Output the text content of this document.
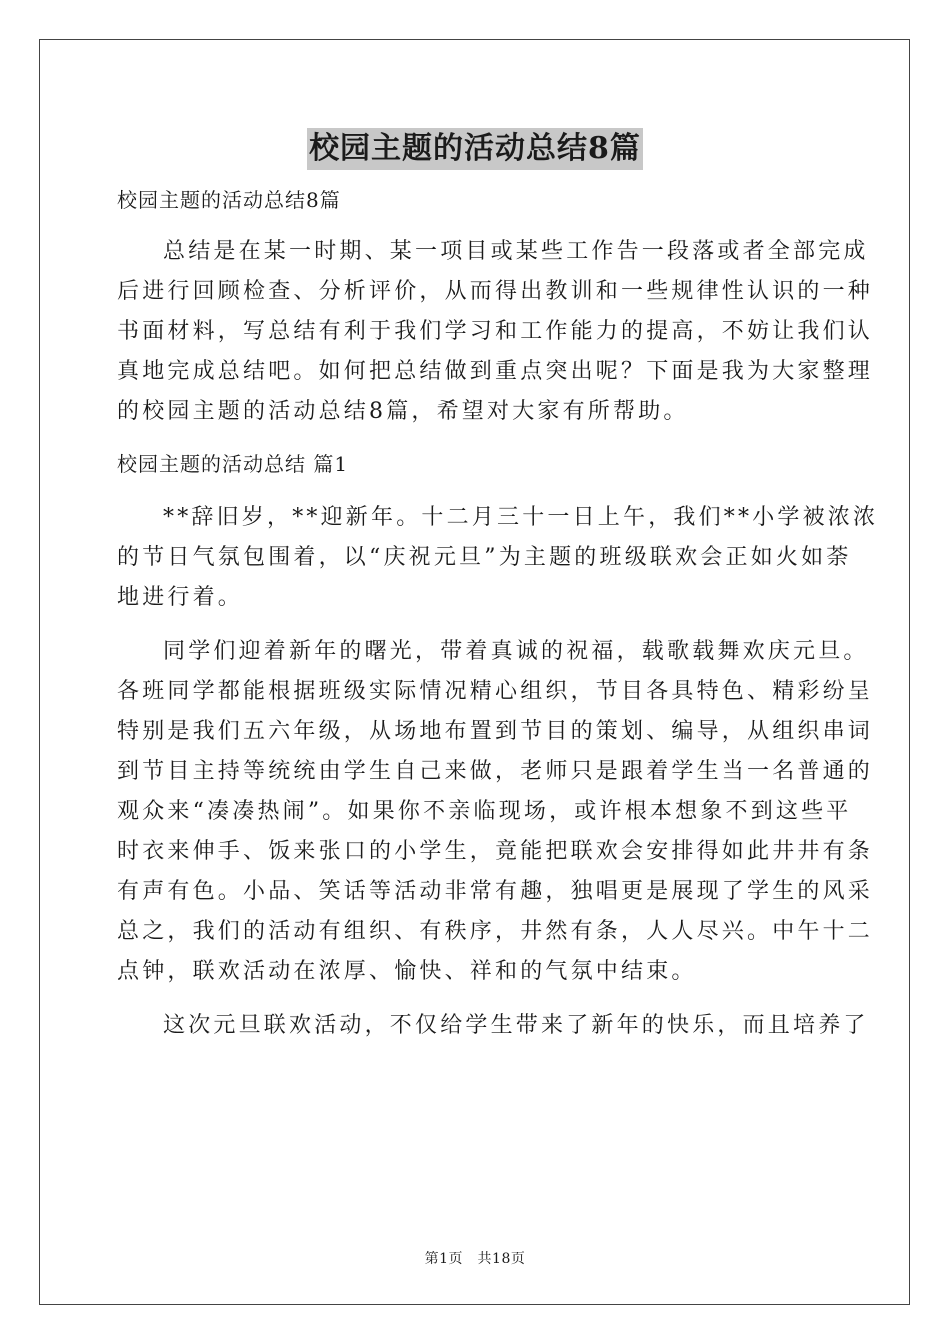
校园主题的活动总结8篇
校园主题的活动总结8篇
总结是在某一时期、某一项目或某些工作告一段落或者全部完成
后进行回顾检查、分析评价，从而得出教训和一些规律性认识的一种
书面材料，写总结有利于我们学习和工作能力的提高，不妨让我们认
真地完成总结吧。如何把总结做到重点突出呢？下面是我为大家整理
的校园主题的活动总结8篇，希望对大家有所帮助。
校园主题的活动总结 篇1
**辞旧岁，**迎新年。十二月三十一日上午，我们**小学被浓浓
的节日气氛包围着，以“庆祝元旦”为主题的班级联欢会正如火如荼
地进行着。
同学们迎着新年的曙光，带着真诚的祝福，载歌载舞欢庆元旦。
各班同学都能根据班级实际情况精心组织，节目各具特色、精彩纷呈
特别是我们五六年级，从场地布置到节目的策划、编导，从组织串词
到节目主持等统统由学生自己来做，老师只是跟着学生当一名普通的
观众来“凑凑热闹”。如果你不亲临现场，或许根本想象不到这些平
时衣来伸手、饭来张口的小学生，竟能把联欢会安排得如此井井有条
有声有色。小品、笑话等活动非常有趣，独唱更是展现了学生的风采
总之，我们的活动有组织、有秩序，井然有条，人人尽兴。中午十二
点钟，联欢活动在浓厚、愉快、祥和的气氛中结束。
这次元旦联欢活动，不仅给学生带来了新年的快乐，而且培养了
第1页　共18页
